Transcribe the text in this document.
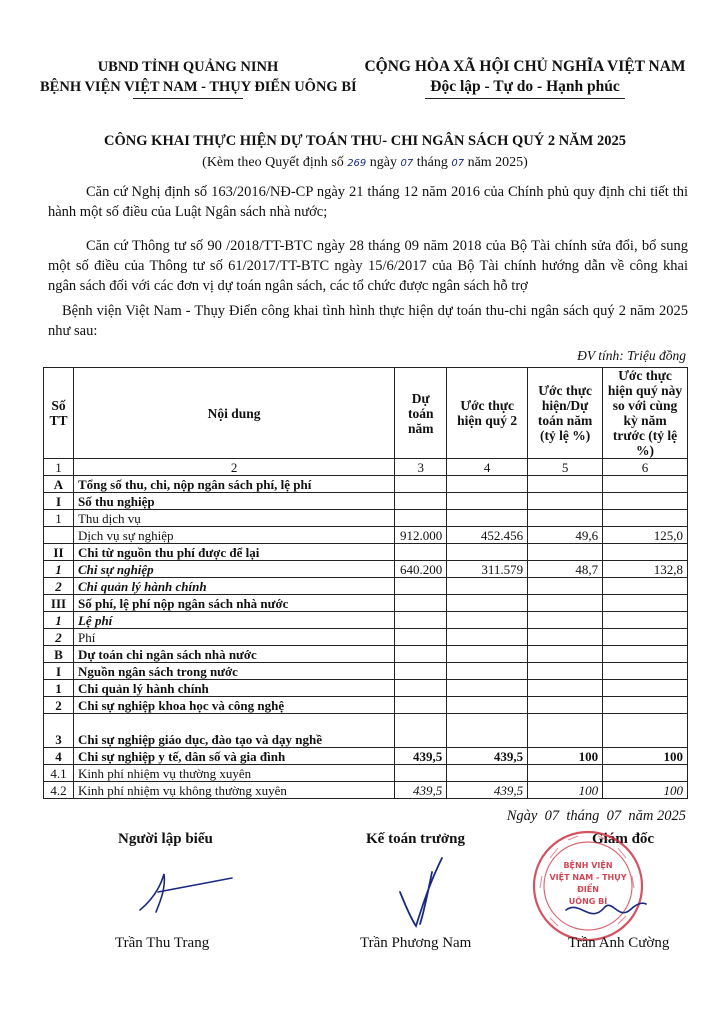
UBND TỈNH QUẢNG NINH
BỆNH VIỆN VIỆT NAM - THỤY ĐIỂN UÔNG BÍ
CỘNG HÒA XÃ HỘI CHỦ NGHĨA VIỆT NAM
Độc lập - Tự do - Hạnh phúc
CÔNG KHAI THỰC HIỆN DỰ TOÁN THU- CHI NGÂN SÁCH QUÝ 2 NĂM 2025
(Kèm theo Quyết định số 269 ngày 07 tháng 07 năm 2025)
Căn cứ Nghị định số 163/2016/NĐ-CP ngày 21 tháng 12 năm 2016 của Chính phủ quy định chi tiết thi hành một số điều của Luật Ngân sách nhà nước;
Căn cứ Thông tư số 90 /2018/TT-BTC ngày 28 tháng 09 năm 2018 của Bộ Tài chính sửa đổi, bổ sung một số điều của Thông tư số 61/2017/TT-BTC ngày 15/6/2017 của Bộ Tài chính hướng dẫn về công khai ngân sách đối với các đơn vị dự toán ngân sách, các tổ chức được ngân sách hỗ trợ
Bệnh viện Việt Nam - Thụy Điển công khai tình hình thực hiện dự toán thu-chi ngân sách quý 2 năm 2025 như sau:
ĐV tính: Triệu đồng
Số TT	Nội dung	Dự toán năm	Ước thực hiện quý 2	Ước thực hiện/Dự toán năm (tỷ lệ %)	Ước thực hiện quý này so với cùng kỳ năm trước (tỷ lệ %)
1	2	3	4	5	6
A	Tổng số thu, chi, nộp ngân sách phí, lệ phí				
I	Số thu nghiệp				
1	Thu dịch vụ				
	Dịch vụ sự nghiệp	912.000	452.456	49,6	125,0
II	Chi từ nguồn thu phí được để lại				
1	Chi sự nghiệp	640.200	311.579	48,7	132,8
2	Chi quản lý hành chính				
III	Số phí, lệ phí nộp ngân sách nhà nước				
1	Lệ phí				
2	Phí				
B	Dự toán chi ngân sách nhà nước				
I	Nguồn ngân sách trong nước				
1	Chi quản lý hành chính				
2	Chi sự nghiệp khoa học và công nghệ				
3	Chi sự nghiệp giáo dục, đào tạo và dạy nghề				
4	Chi sự nghiệp y tế, dân số và gia đình	439,5	439,5	100	100
4.1	Kinh phí nhiệm vụ thường xuyên				
4.2	Kinh phí nhiệm vụ không thường xuyên	439,5	439,5	100	100
Ngày 07 tháng 07 năm 2025
Người lập biểu	Kế toán trưởng	Giám đốc
BỆNH VIỆN
VIỆT NAM - THỤY ĐIỂN
UÔNG BÍ
Trần Thu Trang	Trần Phương Nam	Trần Anh Cường
